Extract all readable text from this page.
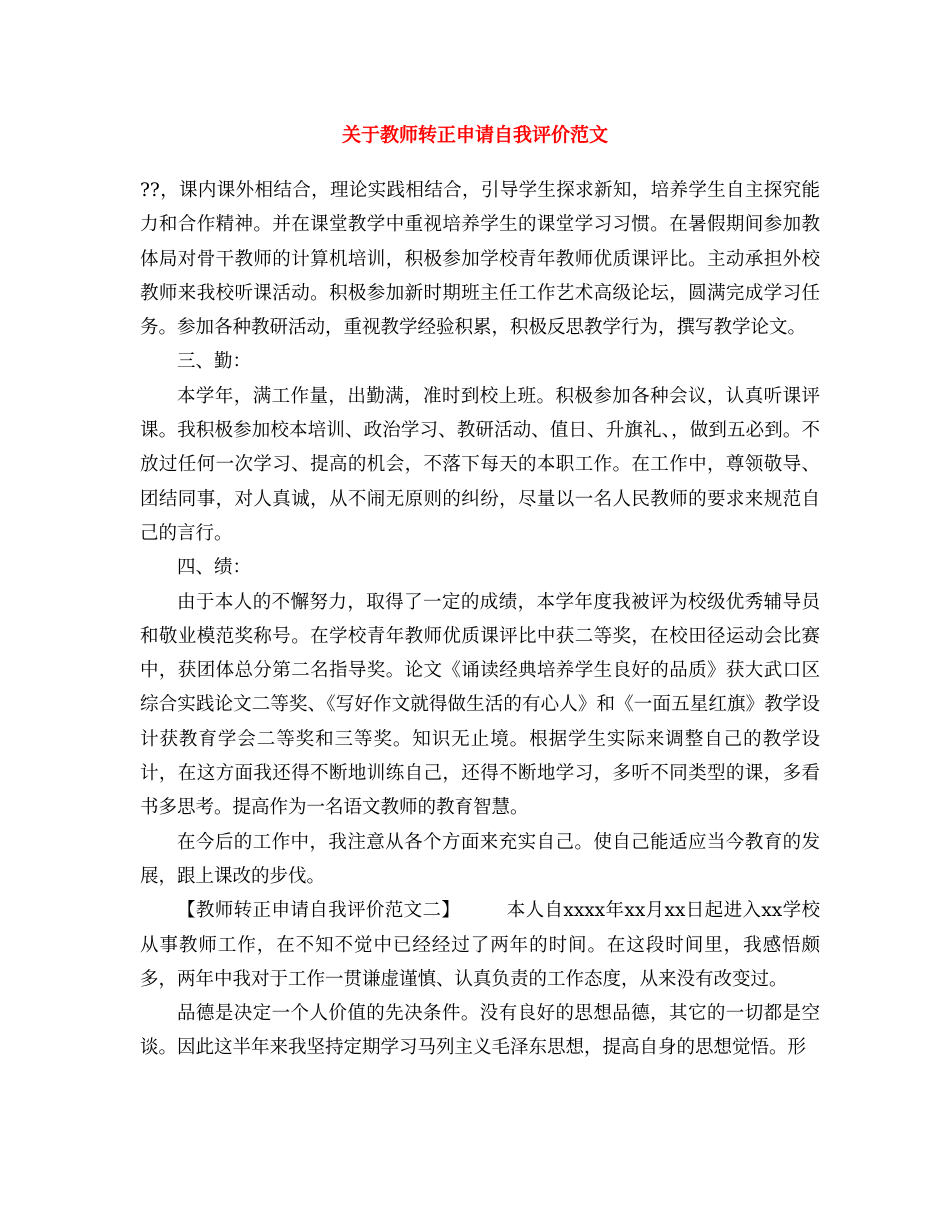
关于教师转正申请自我评价范文

??，课内课外相结合，理论实践相结合，引导学生探求新知，培养学生自主探究能力和合作精神。并在课堂教学中重视培养学生的课堂学习习惯。在暑假期间参加教体局对骨干教师的计算机培训，积极参加学校青年教师优质课评比。主动承担外校教师来我校听课活动。积极参加新时期班主任工作艺术高级论坛，圆满完成学习任务。参加各种教研活动，重视教学经验积累，积极反思教学行为，撰写教学论文。

三、勤：

本学年，满工作量，出勤满，准时到校上班。积极参加各种会议，认真听课评课。我积极参加校本培训、政治学习、教研活动、值日、升旗礼、，做到五必到。不放过任何一次学习、提高的机会，不落下每天的本职工作。在工作中，尊领敬导、团结同事，对人真诚，从不闹无原则的纠纷，尽量以一名人民教师的要求来规范自己的言行。

四、绩：

由于本人的不懈努力，取得了一定的成绩，本学年度我被评为校级优秀辅导员和敬业模范奖称号。在学校青年教师优质课评比中获二等奖，在校田径运动会比赛中，获团体总分第二名指导奖。论文《诵读经典培养学生良好的品质》获大武口区综合实践论文二等奖、《写好作文就得做生活的有心人》和《一面五星红旗》教学设计获教育学会二等奖和三等奖。知识无止境。根据学生实际来调整自己的教学设计，在这方面我还得不断地训练自己，还得不断地学习，多听不同类型的课，多看书多思考。提高作为一名语文教师的教育智慧。

在今后的工作中，我注意从各个方面来充实自己。使自己能适应当今教育的发展，跟上课改的步伐。

【教师转正申请自我评价范文二】 本人自xxxx年xx月xx日起进入xx学校从事教师工作，在不知不觉中已经经过了两年的时间。在这段时间里，我感悟颇多，两年中我对于工作一贯谦虚谨慎、认真负责的工作态度，从来没有改变过。

品德是决定一个人价值的先决条件。没有良好的思想品德，其它的一切都是空谈。因此这半年来我坚持定期学习马列主义毛泽东思想，提高自身的思想觉悟。形
